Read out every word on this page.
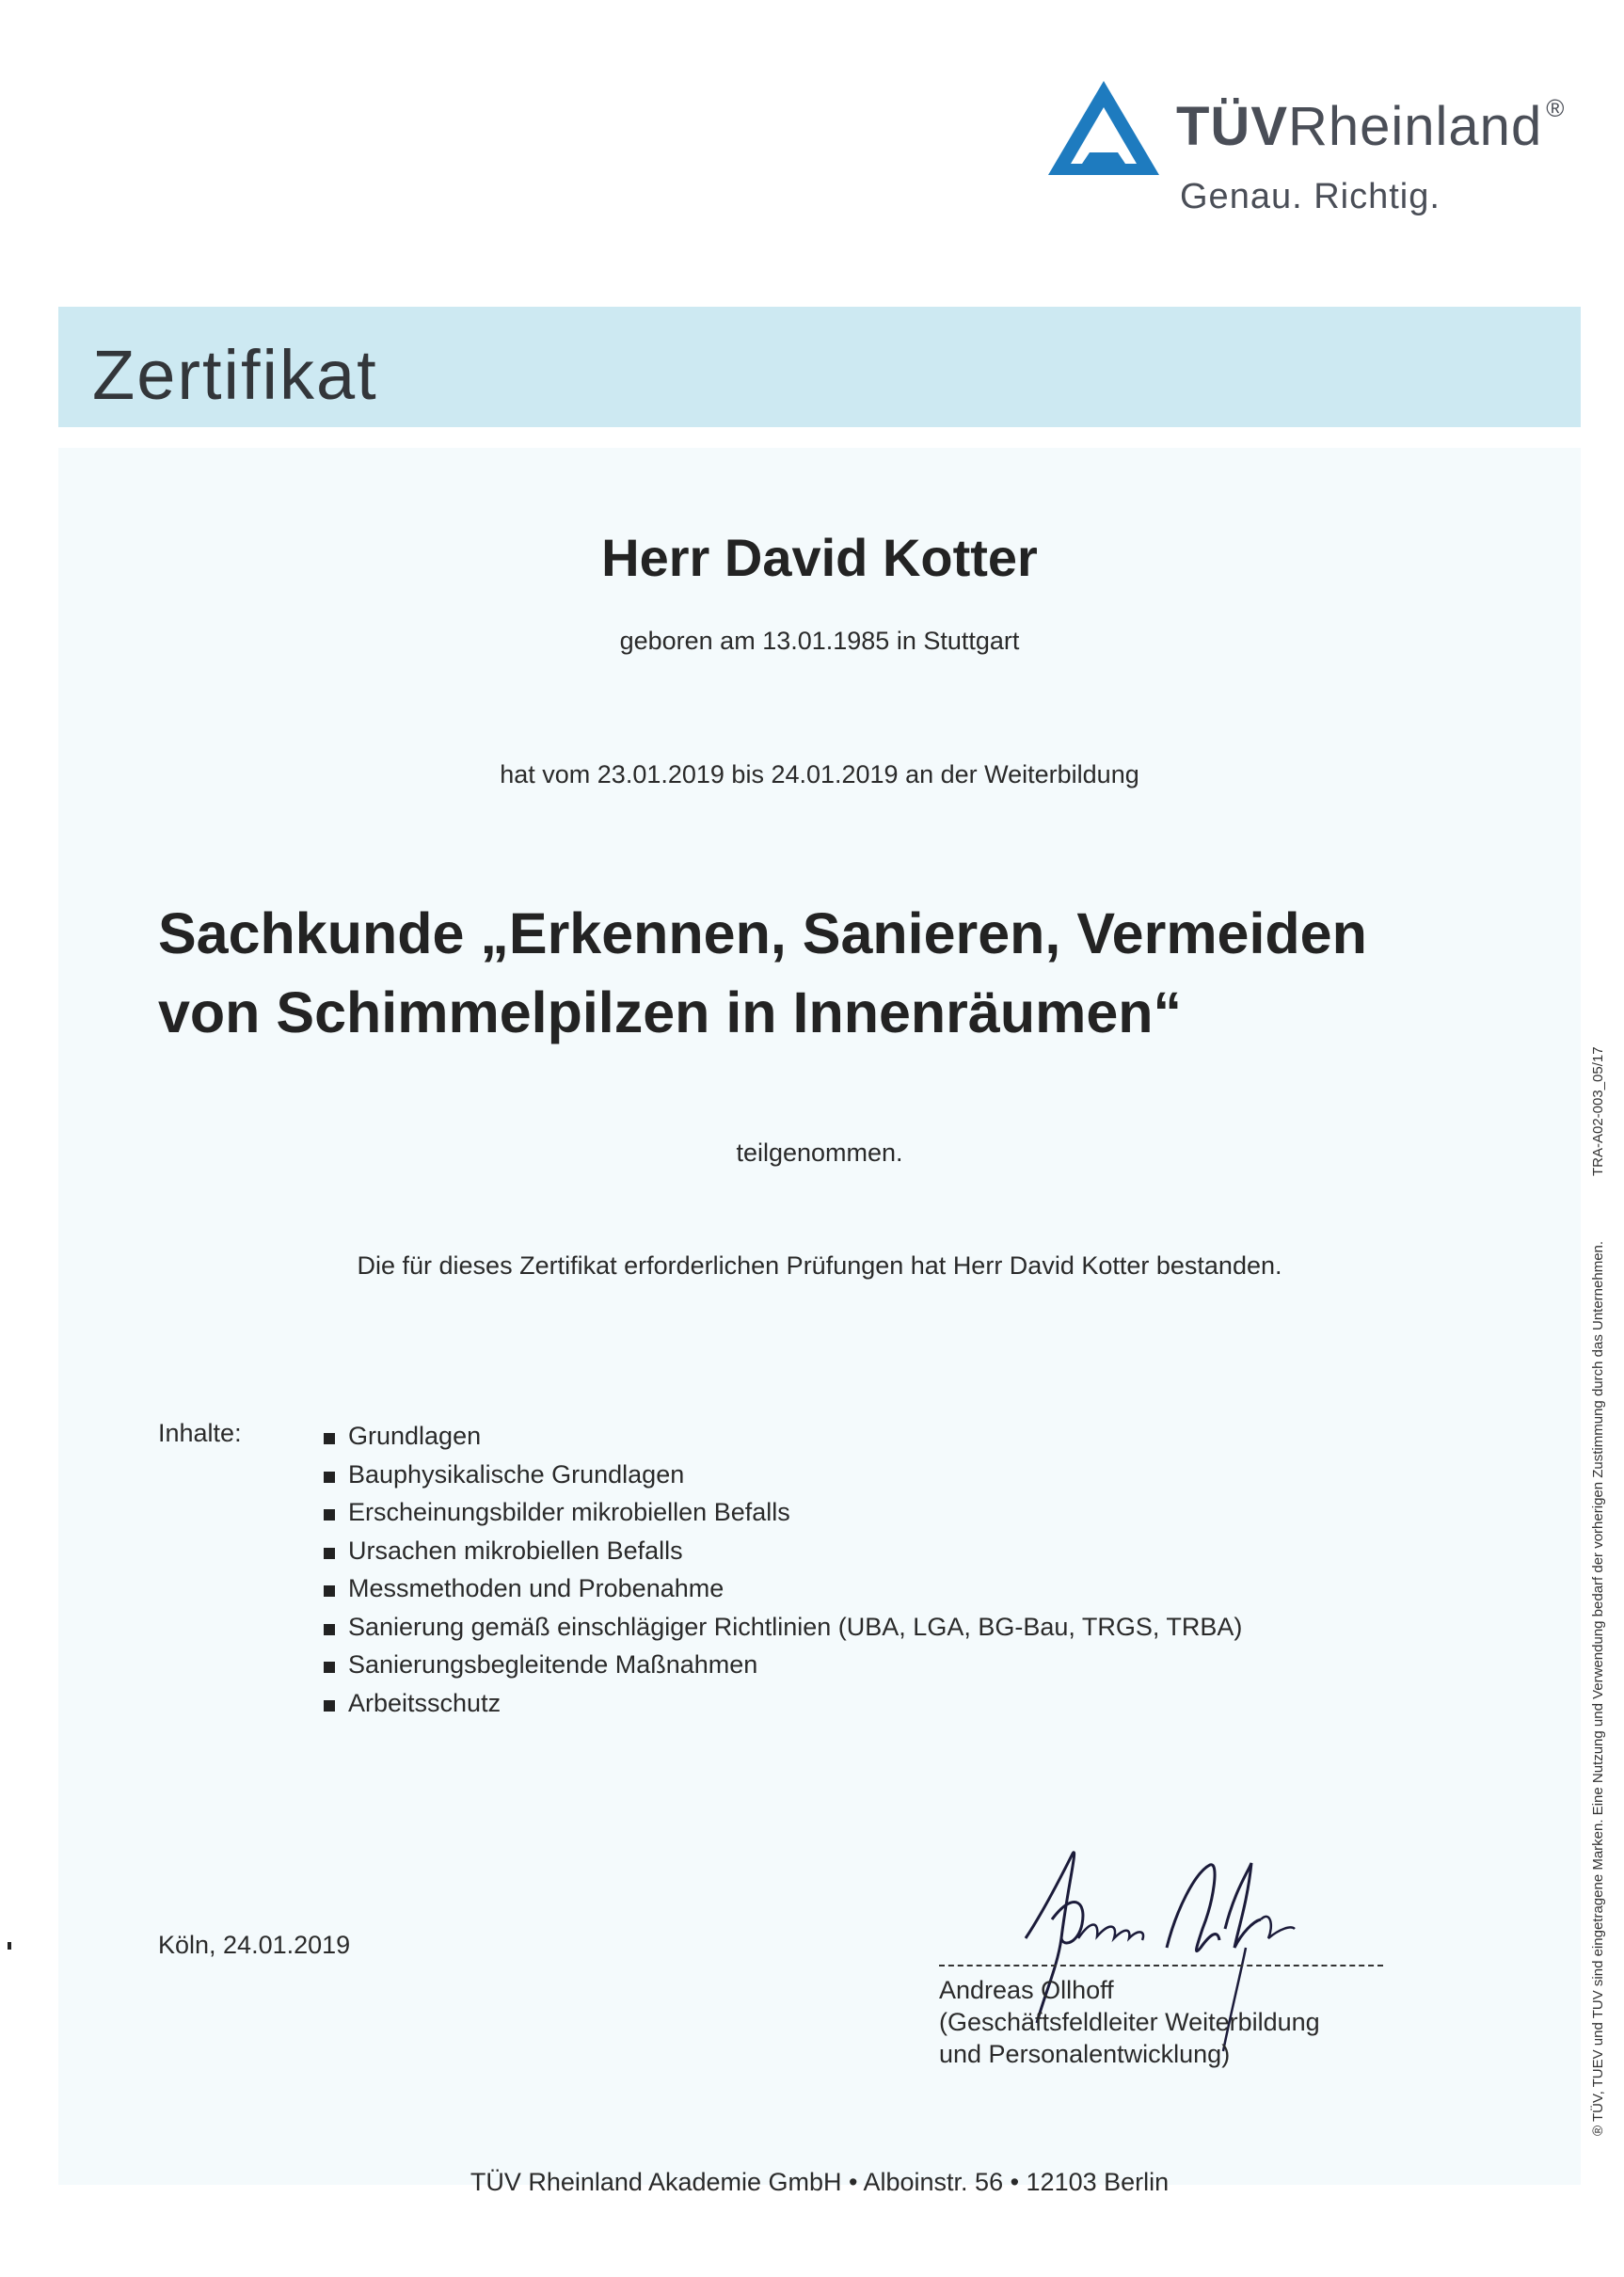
TÜVRheinland ®
Genau. Richtig.
Zertifikat
Herr David Kotter
geboren am 13.01.1985 in Stuttgart
hat vom 23.01.2019 bis 24.01.2019 an der Weiterbildung
Sachkunde „Erkennen, Sanieren, Vermeiden
von Schimmelpilzen in Innenräumen“
teilgenommen.
Die für dieses Zertifikat erforderlichen Prüfungen hat Herr David Kotter bestanden.
Inhalte:	Grundlagen
Bauphysikalische Grundlagen
Erscheinungsbilder mikrobiellen Befalls
Ursachen mikrobiellen Befalls
Messmethoden und Probenahme
Sanierung gemäß einschlägiger Richtlinien (UBA, LGA, BG-Bau, TRGS, TRBA)
Sanierungsbegleitende Maßnahmen
Arbeitsschutz
Köln, 24.01.2019
Andreas Ollhoff
(Geschäftsfeldleiter Weiterbildung
und Personalentwicklung)
TÜV Rheinland Akademie GmbH • Alboinstr. 56 • 12103 Berlin
TRA-A02-003_05/17
® TÜV, TUEV und TUV sind eingetragene Marken. Eine Nutzung und Verwendung bedarf der vorherigen Zustimmung durch das Unternehmen.
